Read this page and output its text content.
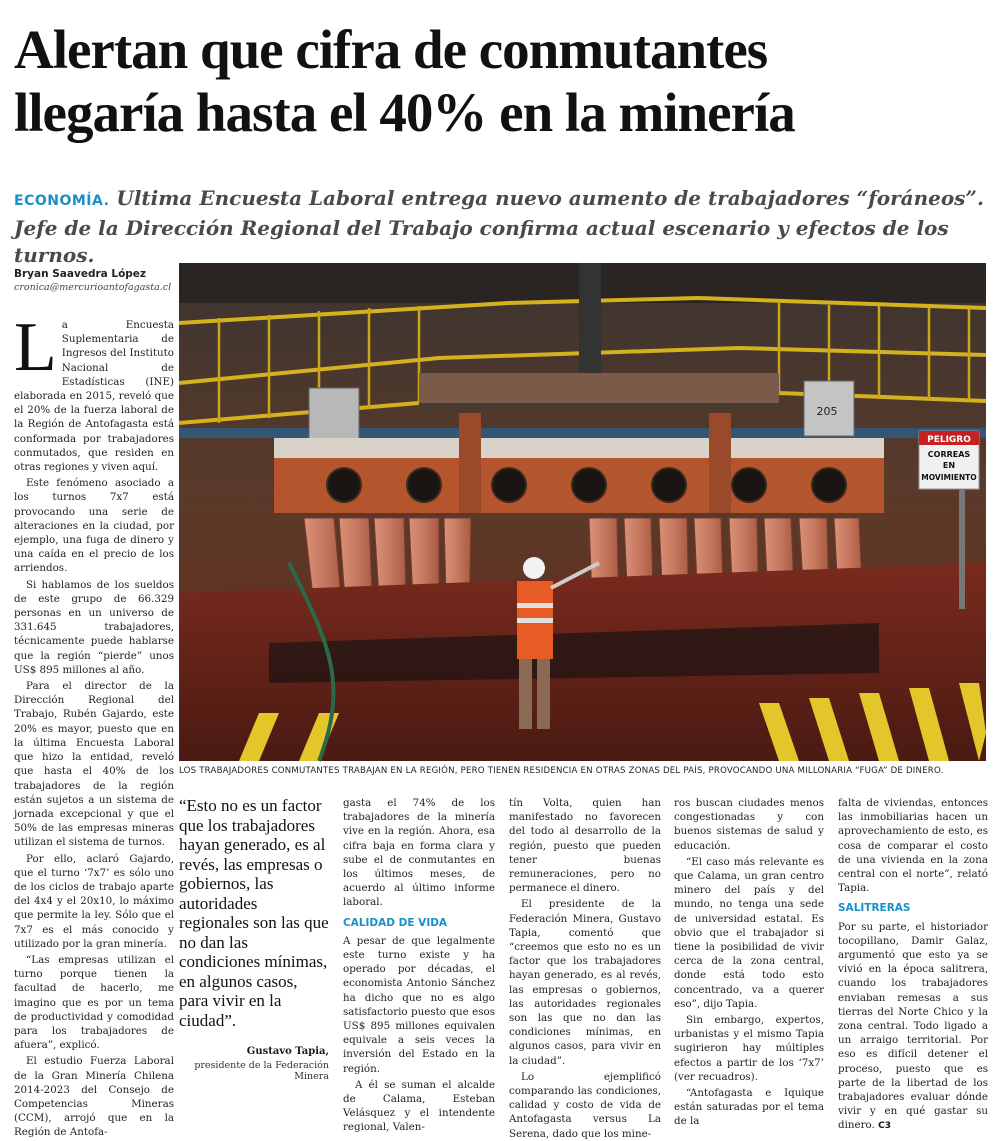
Alertan que cifra de conmutantes
llegaría hasta el 40% en la minería
ECONOMÍA. Ultima Encuesta Laboral entrega nuevo aumento de trabajadores “foráneos”. Jefe de la Dirección Regional del Trabajo confirma actual escenario y efectos de los turnos.
Bryan Saavedra López
cronica@mercurioantofagasta.cl
205
PELIGRO
CORREAS
EN
MOVIMIENTO
LOS TRABAJADORES CONMUTANTES TRABAJAN EN LA REGIÓN, PERO TIENEN RESIDENCIA EN OTRAS ZONAS DEL PAÍS, PROVOCANDO UNA MILLONARIA “FUGA” DE DINERO.

La Encuesta Suplementaria de Ingresos del Instituto Nacional de Estadísticas (INE) elaborada en 2015, reveló que el 20% de la fuerza laboral de la Región de Antofagasta está conformada por trabajadores conmutados, que residen en otras regiones y viven aquí.

Este fenómeno asociado a los turnos 7x7 está provocando una serie de alteraciones en la ciudad, por ejemplo, una fuga de dinero y una caída en el precio de los arriendos.

Si hablamos de los sueldos de este grupo de 66.329 personas en un universo de 331.645 trabajadores, técnicamente puede hablarse que la región “pierde” unos US$ 895 millones al año.

Para el director de la Dirección Regional del Trabajo, Rubén Gajardo, este 20% es mayor, puesto que en la última Encuesta Laboral que hizo la entidad, reveló que hasta el 40% de los trabajadores de la región están sujetos a un sistema de jornada excepcional y que el 50% de las empresas mineras utilizan el sistema de turnos.

Por ello, aclaró Gajardo, que el turno ‘7x7’ es sólo uno de los ciclos de trabajo aparte del 4x4 y el 20x10, lo máximo que permite la ley. Sólo que el 7x7 es el más conocido y utilizado por la gran minería.

“Las empresas utilizan el turno porque tienen la facultad de hacerlo, me imagino que es por un tema de productividad y comodidad para los trabajadores de afuera”, explicó.

El estudio Fuerza Laboral de la Gran Minería Chilena 2014-2023 del Consejo de Competencias Mineras (CCM), arrojó que en la Región de Antofa-

“Esto no es un factor que los trabajadores hayan generado, es al revés, las empresas o gobiernos, las autoridades regionales son las que no dan las condiciones mínimas, en algunos casos, para vivir en la ciudad”.
Gustavo Tapia,
presidente de la Federación Minera

gasta el 74% de los trabajadores de la minería vive en la región. Ahora, esa cifra baja en forma clara y sube el de conmutantes en los últimos meses, de acuerdo al último informe laboral.

CALIDAD DE VIDA

A pesar de que legalmente este turno existe y ha operado por décadas, el economista Antonio Sánchez ha dicho que no es algo satisfactorio puesto que esos US$ 895 millones equivalen equivale a seis veces la inversión del Estado en la región.

A él se suman el alcalde de Calama, Esteban Velásquez y el intendente regional, Valen-

tín Volta, quien han manifestado no favorecen del todo al desarrollo de la región, puesto que pueden tener buenas remuneraciones, pero no permanece el dinero.

El presidente de la Federación Minera, Gustavo Tapia, comentó que “creemos que esto no es un factor que los trabajadores hayan generado, es al revés, las empresas o gobiernos, las autoridades regionales son las que no dan las condiciones mínimas, en algunos casos, para vivir en la ciudad”.

Lo ejemplificó comparando las condiciones, calidad y costo de vida de Antofagasta versus La Serena, dado que los mine-

ros buscan ciudades menos congestionadas y con buenos sistemas de salud y educación.

“El caso más relevante es que Calama, un gran centro minero del país y del mundo, no tenga una sede de universidad estatal. Es obvio que el trabajador si tiene la posibilidad de vivir cerca de la zona central, donde está todo esto concentrado, va a querer eso”, dijo Tapia.

Sin embargo, expertos, urbanistas y el mismo Tapia sugirieron hay múltiples efectos a partir de los ‘7x7’ (ver recuadros).

“Antofagasta e Iquique están saturadas por el tema de la

falta de viviendas, entonces las inmobiliarias hacen un aprovechamiento de esto, es cosa de comparar el costo de una vivienda en la zona central con el norte”, relató Tapia.

SALITRERAS

Por su parte, el historiador tocopillano, Damir Galaz, argumentó que esto ya se vivió en la época salitrera, cuando los trabajadores enviaban remesas a sus tierras del Norte Chico y la zona central. Todo ligado a un arraigo territorial. Por eso es difícil detener el proceso, puesto que es parte de la libertad de los trabajadores evaluar dónde vivir y en qué gastar su dinero. C3
